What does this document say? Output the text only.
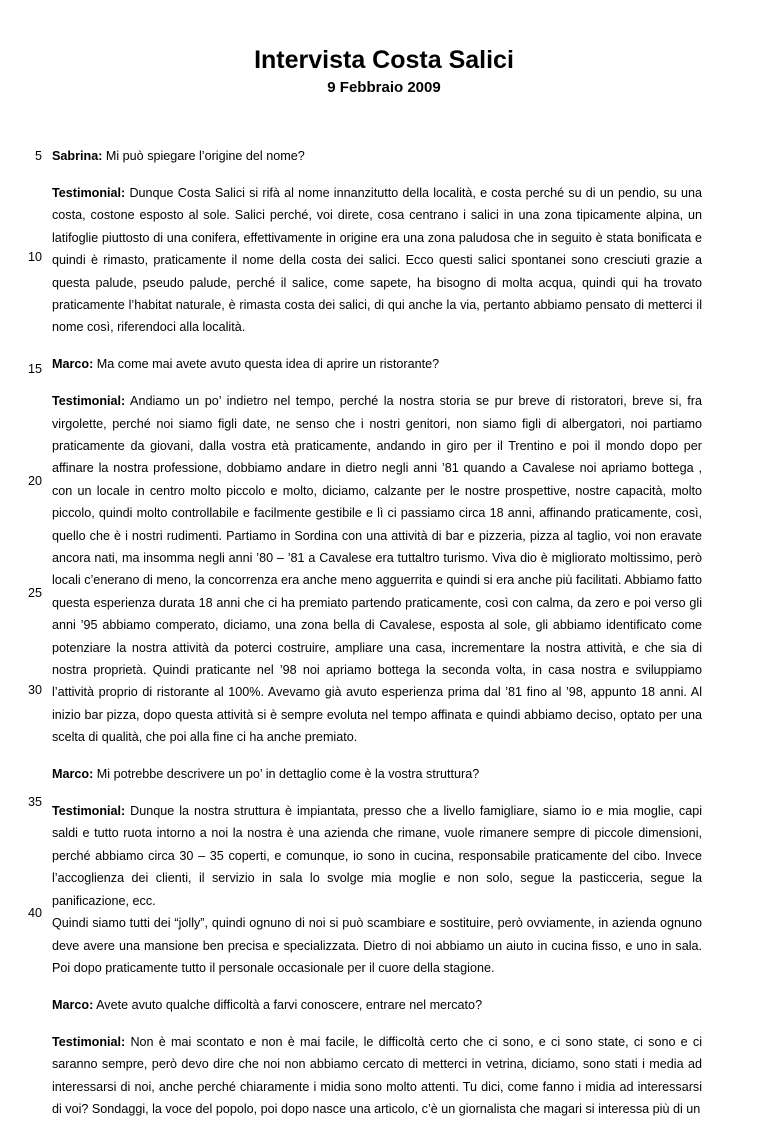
Intervista Costa Salici
9 Febbraio 2009
5
10
15
20
25
30
35
40

Sabrina: Mi può spiegare l’origine del nome?

Testimonial: Dunque Costa Salici si rifà al nome innanzitutto della località, e costa perché su di un pendio, su una costa, costone esposto al sole. Salici perché, voi direte, cosa centrano i salici in una zona tipicamente alpina, un latifoglie piuttosto di una conifera, effettivamente in origine era una zona paludosa che in seguito è stata bonificata e quindi è rimasto, praticamente il nome della costa dei salici. Ecco questi salici spontanei sono cresciuti grazie a questa palude, pseudo palude, perché il salice, come sapete, ha bisogno di molta acqua, quindi qui ha trovato praticamente l’habitat naturale, è rimasta costa dei salici, di qui anche la via, pertanto abbiamo pensato di metterci il nome così, riferendoci alla località.

Marco: Ma come mai avete avuto questa idea di aprire un ristorante?

Testimonial: Andiamo un po’ indietro nel tempo, perché la nostra storia se pur breve di ristoratori, breve si, fra virgolette, perché noi siamo figli date, ne senso che i nostri genitori, non siamo figli di albergatori, noi partiamo praticamente da giovani, dalla vostra età praticamente, andando in giro per il Trentino e poi il mondo dopo per affinare la nostra professione, dobbiamo andare in dietro negli anni ’81 quando a Cavalese noi apriamo bottega , con un locale in centro molto piccolo e molto, diciamo, calzante per le nostre prospettive, nostre capacità, molto piccolo, quindi molto controllabile e facilmente gestibile e lì ci passiamo circa 18 anni, affinando praticamente, così, quello che è i nostri rudimenti. Partiamo in Sordina con una attività di bar e pizzeria, pizza al taglio, voi non eravate ancora nati, ma insomma negli anni ’80 – ’81 a Cavalese era tuttaltro turismo. Viva dio è migliorato moltissimo, però locali c’enerano di meno, la concorrenza era anche meno agguerrita e quindi si era anche più facilitati. Abbiamo fatto questa esperienza durata 18 anni che ci ha premiato partendo praticamente, così con calma, da zero e poi verso gli anni ’95 abbiamo comperato, diciamo, una zona bella di Cavalese, esposta al sole, gli abbiamo identificato come potenziare la nostra attività da poterci costruire, ampliare una casa, incrementare la nostra attività, e che sia di nostra proprietà. Quindi praticante nel ’98 noi apriamo bottega la seconda volta, in casa nostra e sviluppiamo l’attività proprio di ristorante al 100%. Avevamo già avuto esperienza prima dal ’81 fino al ’98, appunto 18 anni. Al inizio bar pizza, dopo questa attività si è sempre evoluta nel tempo affinata e quindi abbiamo deciso, optato per una scelta di qualità, che poi alla fine ci ha anche premiato.

Marco: Mi potrebbe descrivere un po’ in dettaglio come è la vostra struttura?

Testimonial: Dunque la nostra struttura è impiantata, presso che a livello famigliare, siamo io e mia moglie, capi saldi e tutto ruota intorno a noi la nostra è una azienda che rimane, vuole rimanere sempre di piccole dimensioni, perché abbiamo circa 30 – 35 coperti, e comunque, io sono in cucina, responsabile praticamente del cibo. Invece l’accoglienza dei clienti, il servizio in sala lo svolge mia moglie e non solo, segue la pasticceria, segue la panificazione, ecc.
Quindi siamo tutti dei “jolly”, quindi ognuno di noi si può scambiare e sostituire, però ovviamente, in azienda ognuno deve avere una mansione ben precisa e specializzata. Dietro di noi abbiamo un aiuto in cucina fisso, e uno in sala. Poi dopo praticamente tutto il personale occasionale per il cuore della stagione.

Marco: Avete avuto qualche difficoltà a farvi conoscere, entrare nel mercato?

Testimonial: Non è mai scontato e non è mai facile, le difficoltà certo che ci sono, e ci sono state, ci sono e ci saranno sempre, però devo dire che noi non abbiamo cercato di metterci in vetrina, diciamo, sono stati i media ad interessarsi di noi, anche perché chiaramente i midia sono molto attenti. Tu dici, come fanno i midia ad interessarsi di voi? Sondaggi, la voce del popolo, poi dopo nasce una articolo, c’è un giornalista che magari si interessa più di un
